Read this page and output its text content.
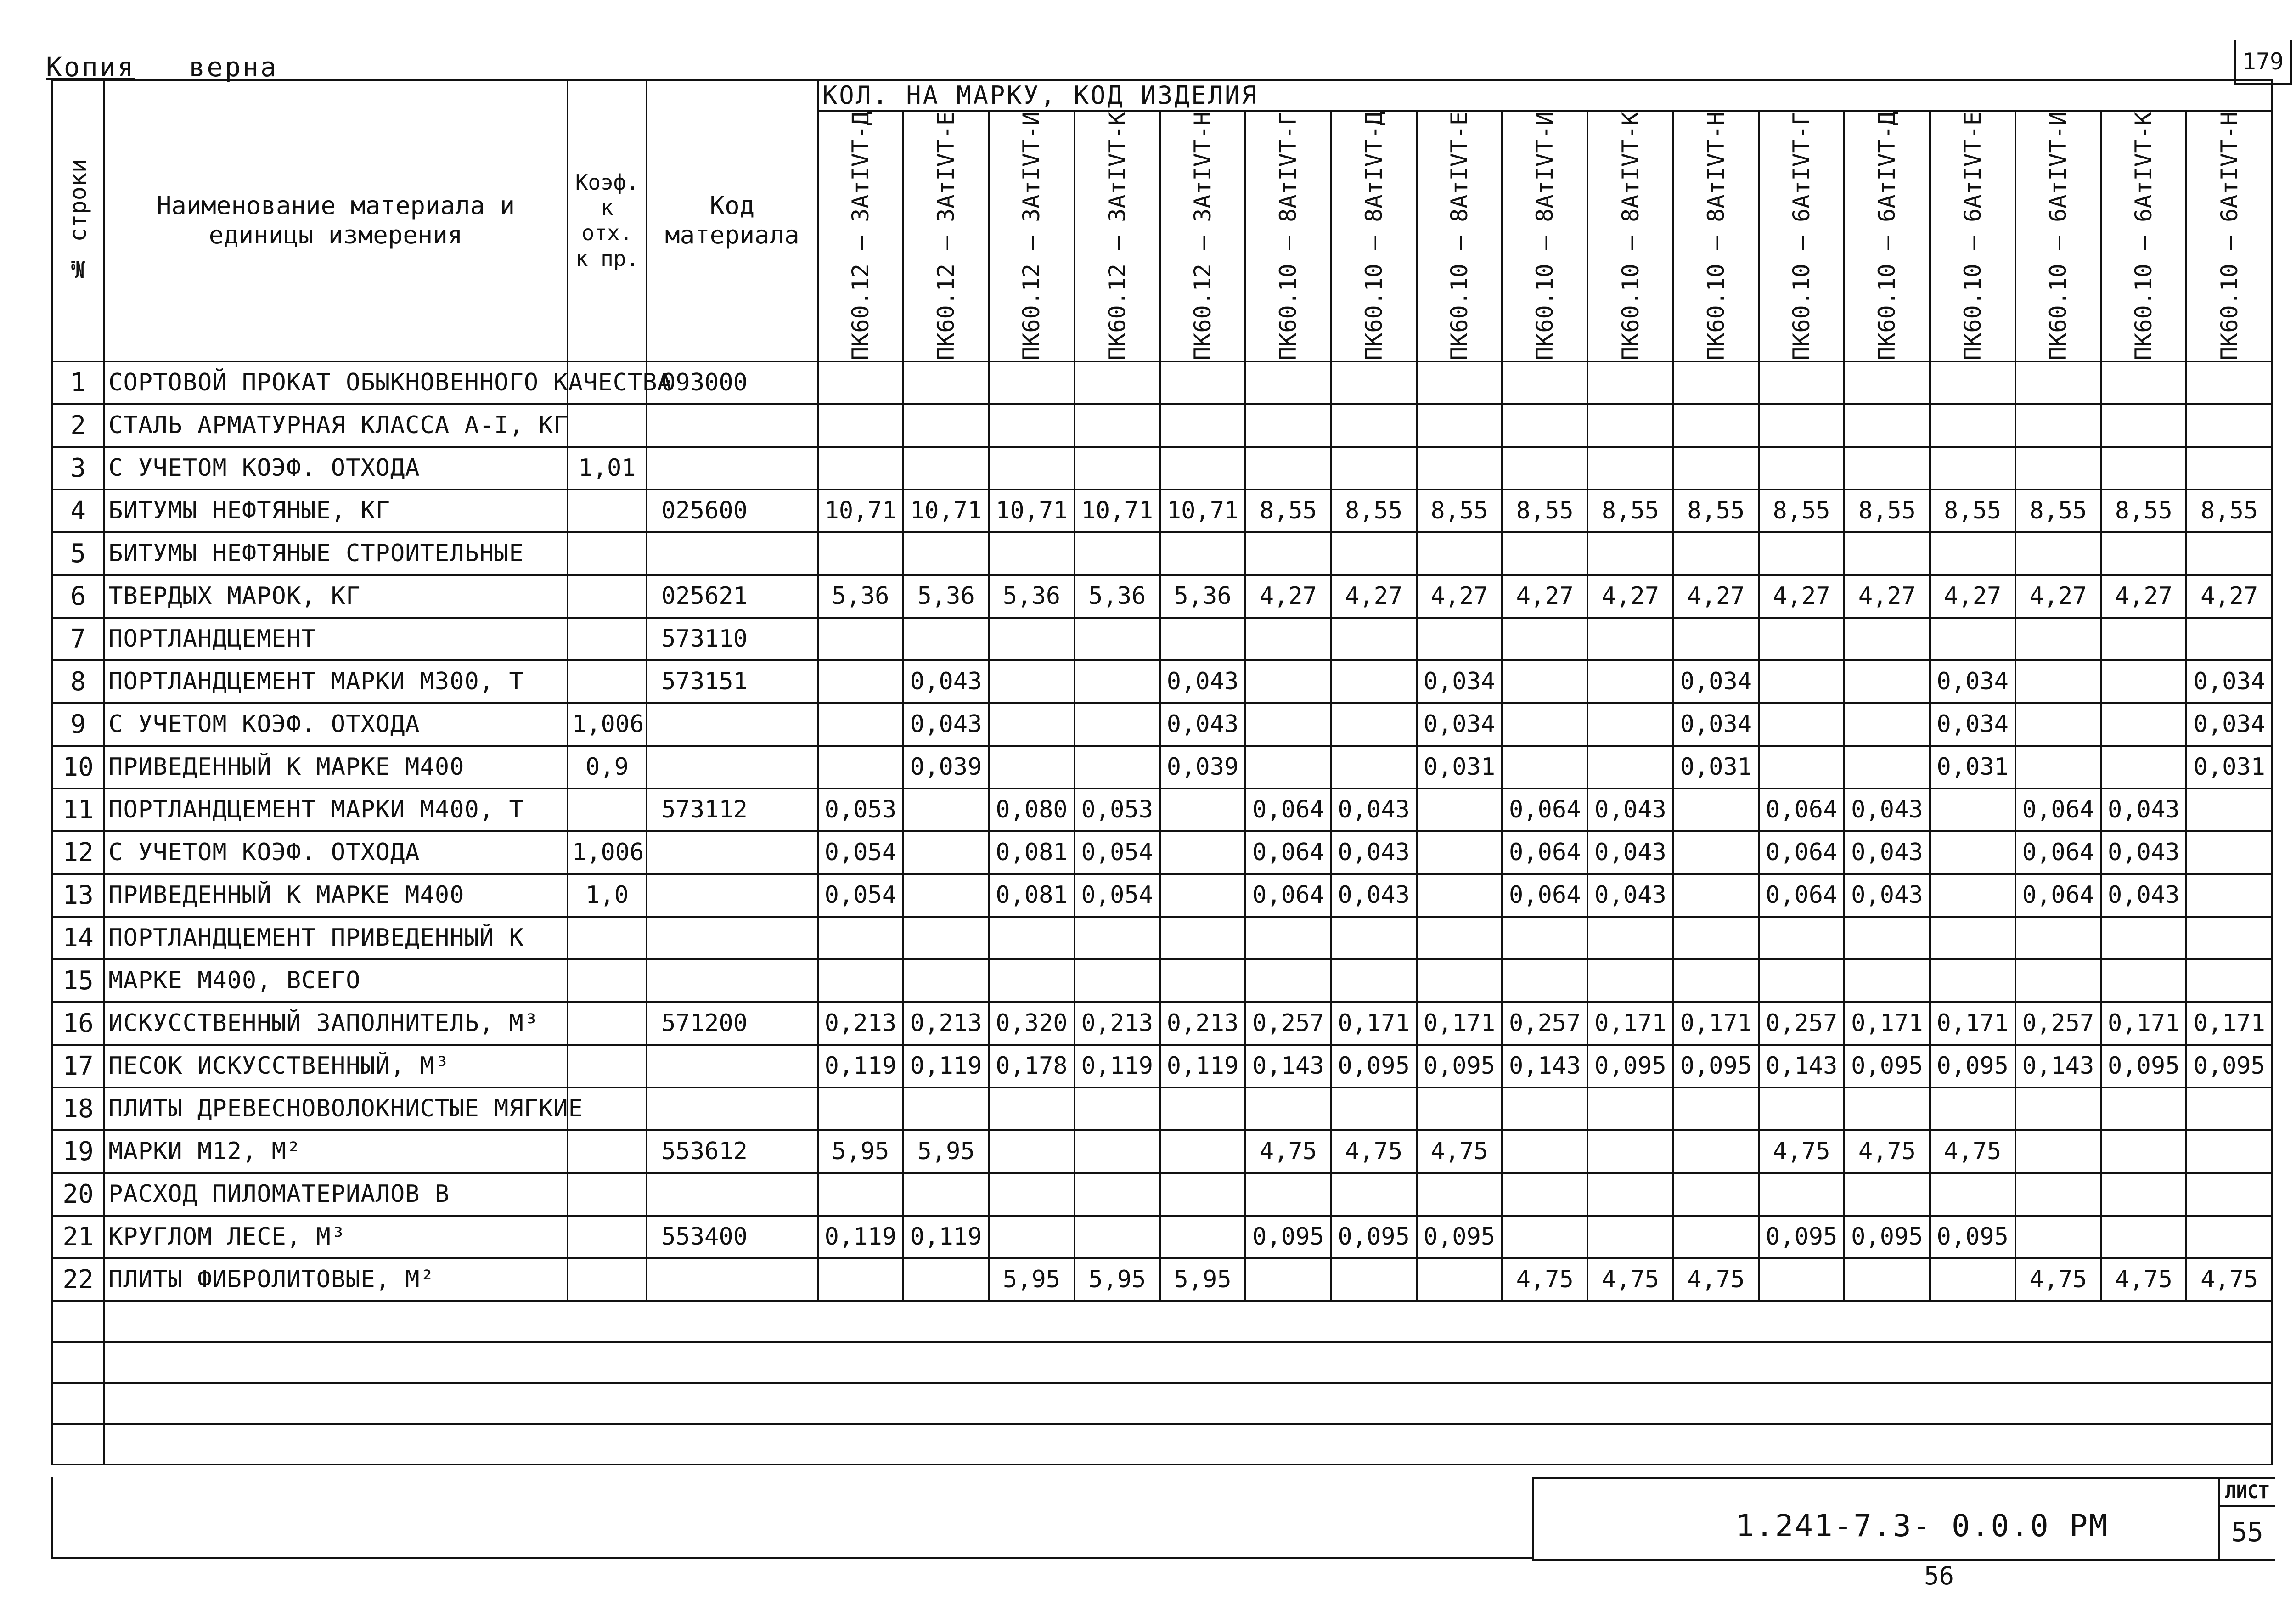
Копия верна	179
№ строки	Наименование материала и единицы измерения	Коэф. к отх. к пр.	Код материала	КОЛ. НА МАРКУ, КОД ИЗДЕЛИЯ																

				ПК60.12 — 3АтIVТ-Д	ПК60.12 — 3АтIVТ-Е	ПК60.12 — 3АтIVТ-И	ПК60.12 — 3АтIVТ-К	ПК60.12 — 3АтIVТ-Н	ПК60.10 — 8АтIVТ-Г	ПК60.10 — 8АтIVТ-Д	ПК60.10 — 8АтIVТ-Е	ПК60.10 — 8АтIVТ-И	ПК60.10 — 8АтIVТ-К	ПК60.10 — 8АтIVТ-Н	ПК60.10 — 6АтIVТ-Г	ПК60.10 — 6АтIVТ-Д	ПК60.10 — 6АтIVТ-Е	ПК60.10 — 6АтIVТ-И	ПК60.10 — 6АтIVТ-К	ПК60.10 — 6АтIVТ-Н

1	СОРТОВОЙ ПРОКАТ ОБЫКНОВЕННОГО КАЧЕСТВА		093000																	
2	СТАЛЬ АРМАТУРНАЯ КЛАССА А-I, КГ																			
3	С УЧЕТОМ КОЭФ. ОТХОДА	1,01																		
4	БИТУМЫ НЕФТЯНЫЕ, КГ		025600	10,71	10,71	10,71	10,71	10,71	8,55	8,55	8,55	8,55	8,55	8,55	8,55	8,55	8,55	8,55	8,55	8,55
5	БИТУМЫ НЕФТЯНЫЕ СТРОИТЕЛЬНЫЕ																			
6	ТВЕРДЫХ МАРОК, КГ		025621	5,36	5,36	5,36	5,36	5,36	4,27	4,27	4,27	4,27	4,27	4,27	4,27	4,27	4,27	4,27	4,27	4,27
7	ПОРТЛАНДЦЕМЕНТ		573110																	
8	ПОРТЛАНДЦЕМЕНТ МАРКИ М300, Т		573151		0,043			0,043			0,034			0,034			0,034			0,034
9	С УЧЕТОМ КОЭФ. ОТХОДА	1,006			0,043			0,043			0,034			0,034			0,034			0,034
10	ПРИВЕДЕННЫЙ К МАРКЕ М400	0,9			0,039			0,039			0,031			0,031			0,031			0,031
11	ПОРТЛАНДЦЕМЕНТ МАРКИ М400, Т		573112	0,053		0,080	0,053		0,064	0,043		0,064	0,043		0,064	0,043		0,064	0,043	
12	С УЧЕТОМ КОЭФ. ОТХОДА	1,006		0,054		0,081	0,054		0,064	0,043		0,064	0,043		0,064	0,043		0,064	0,043	
13	ПРИВЕДЕННЫЙ К МАРКЕ М400	1,0		0,054		0,081	0,054		0,064	0,043		0,064	0,043		0,064	0,043		0,064	0,043	
14	ПОРТЛАНДЦЕМЕНТ ПРИВЕДЕННЫЙ К																			
15	МАРКЕ М400, ВСЕГО																			
16	ИСКУССТВЕННЫЙ ЗАПОЛНИТЕЛЬ, М³		571200	0,213	0,213	0,320	0,213	0,213	0,257	0,171	0,171	0,257	0,171	0,171	0,257	0,171	0,171	0,257	0,171	0,171
17	ПЕСОК ИСКУССТВЕННЫЙ, М³			0,119	0,119	0,178	0,119	0,119	0,143	0,095	0,095	0,143	0,095	0,095	0,143	0,095	0,095	0,143	0,095	0,095
18	ПЛИТЫ ДРЕВЕСНОВОЛОКНИСТЫЕ МЯГКИЕ																			
19	МАРКИ М12, М²		553612	5,95	5,95				4,75	4,75	4,75				4,75	4,75	4,75			
20	РАСХОД ПИЛОМАТЕРИАЛОВ В																			
21	КРУГЛОМ ЛЕСЕ, М³		553400	0,119	0,119				0,095	0,095	0,095				0,095	0,095	0,095			
22	ПЛИТЫ ФИБРОЛИТОВЫЕ, М²					5,95	5,95	5,95				4,75	4,75	4,75				4,75	4,75	4,75

1.241-7.3- 0.0.0 РМ
ЛИСТ
55
56
